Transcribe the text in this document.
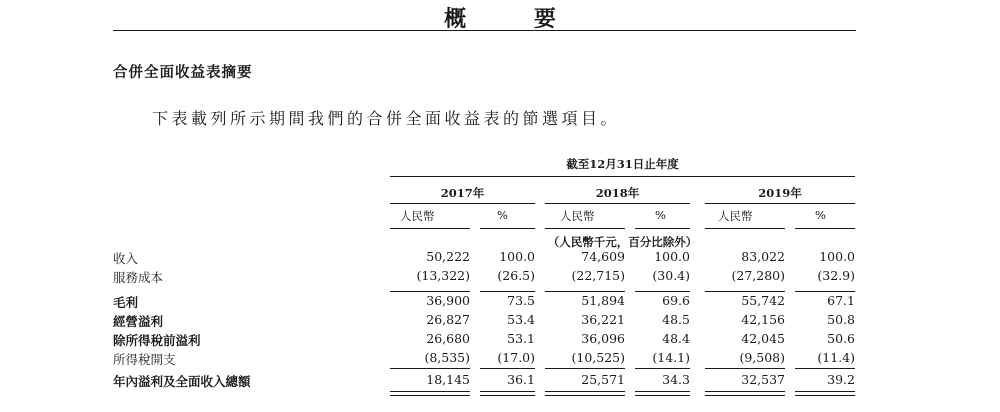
概 要
合併全面收益表摘要
下表載列所示期間我們的合併全面收益表的節選項目。
截至12月31日止年度
2017年	2018年	2019年
人民幣	%	人民幣	%	人民幣	%
（人民幣千元，百分比除外）
收入	50,222 100.0	74,609 100.0	83,022	100.0
服務成本	(13,322) (26.5)	(22,715) (30.4)	(27,280)	(32.9)
毛利	36,900	73.5	51,894	69.6	55,742	67.1
經營溢利	26,827	53.4	36,221	48.5	42,156	50.8
除所得稅前溢利	26,680	53.1	36,096	48.4	42,045	50.6
所得稅開支	(8,535) (17.0)	(10,525) (14.1)	(9,508)	(11.4)
年內溢利及全面收入總額	18,145	36.1	25,571	34.3	32,537	39.2
